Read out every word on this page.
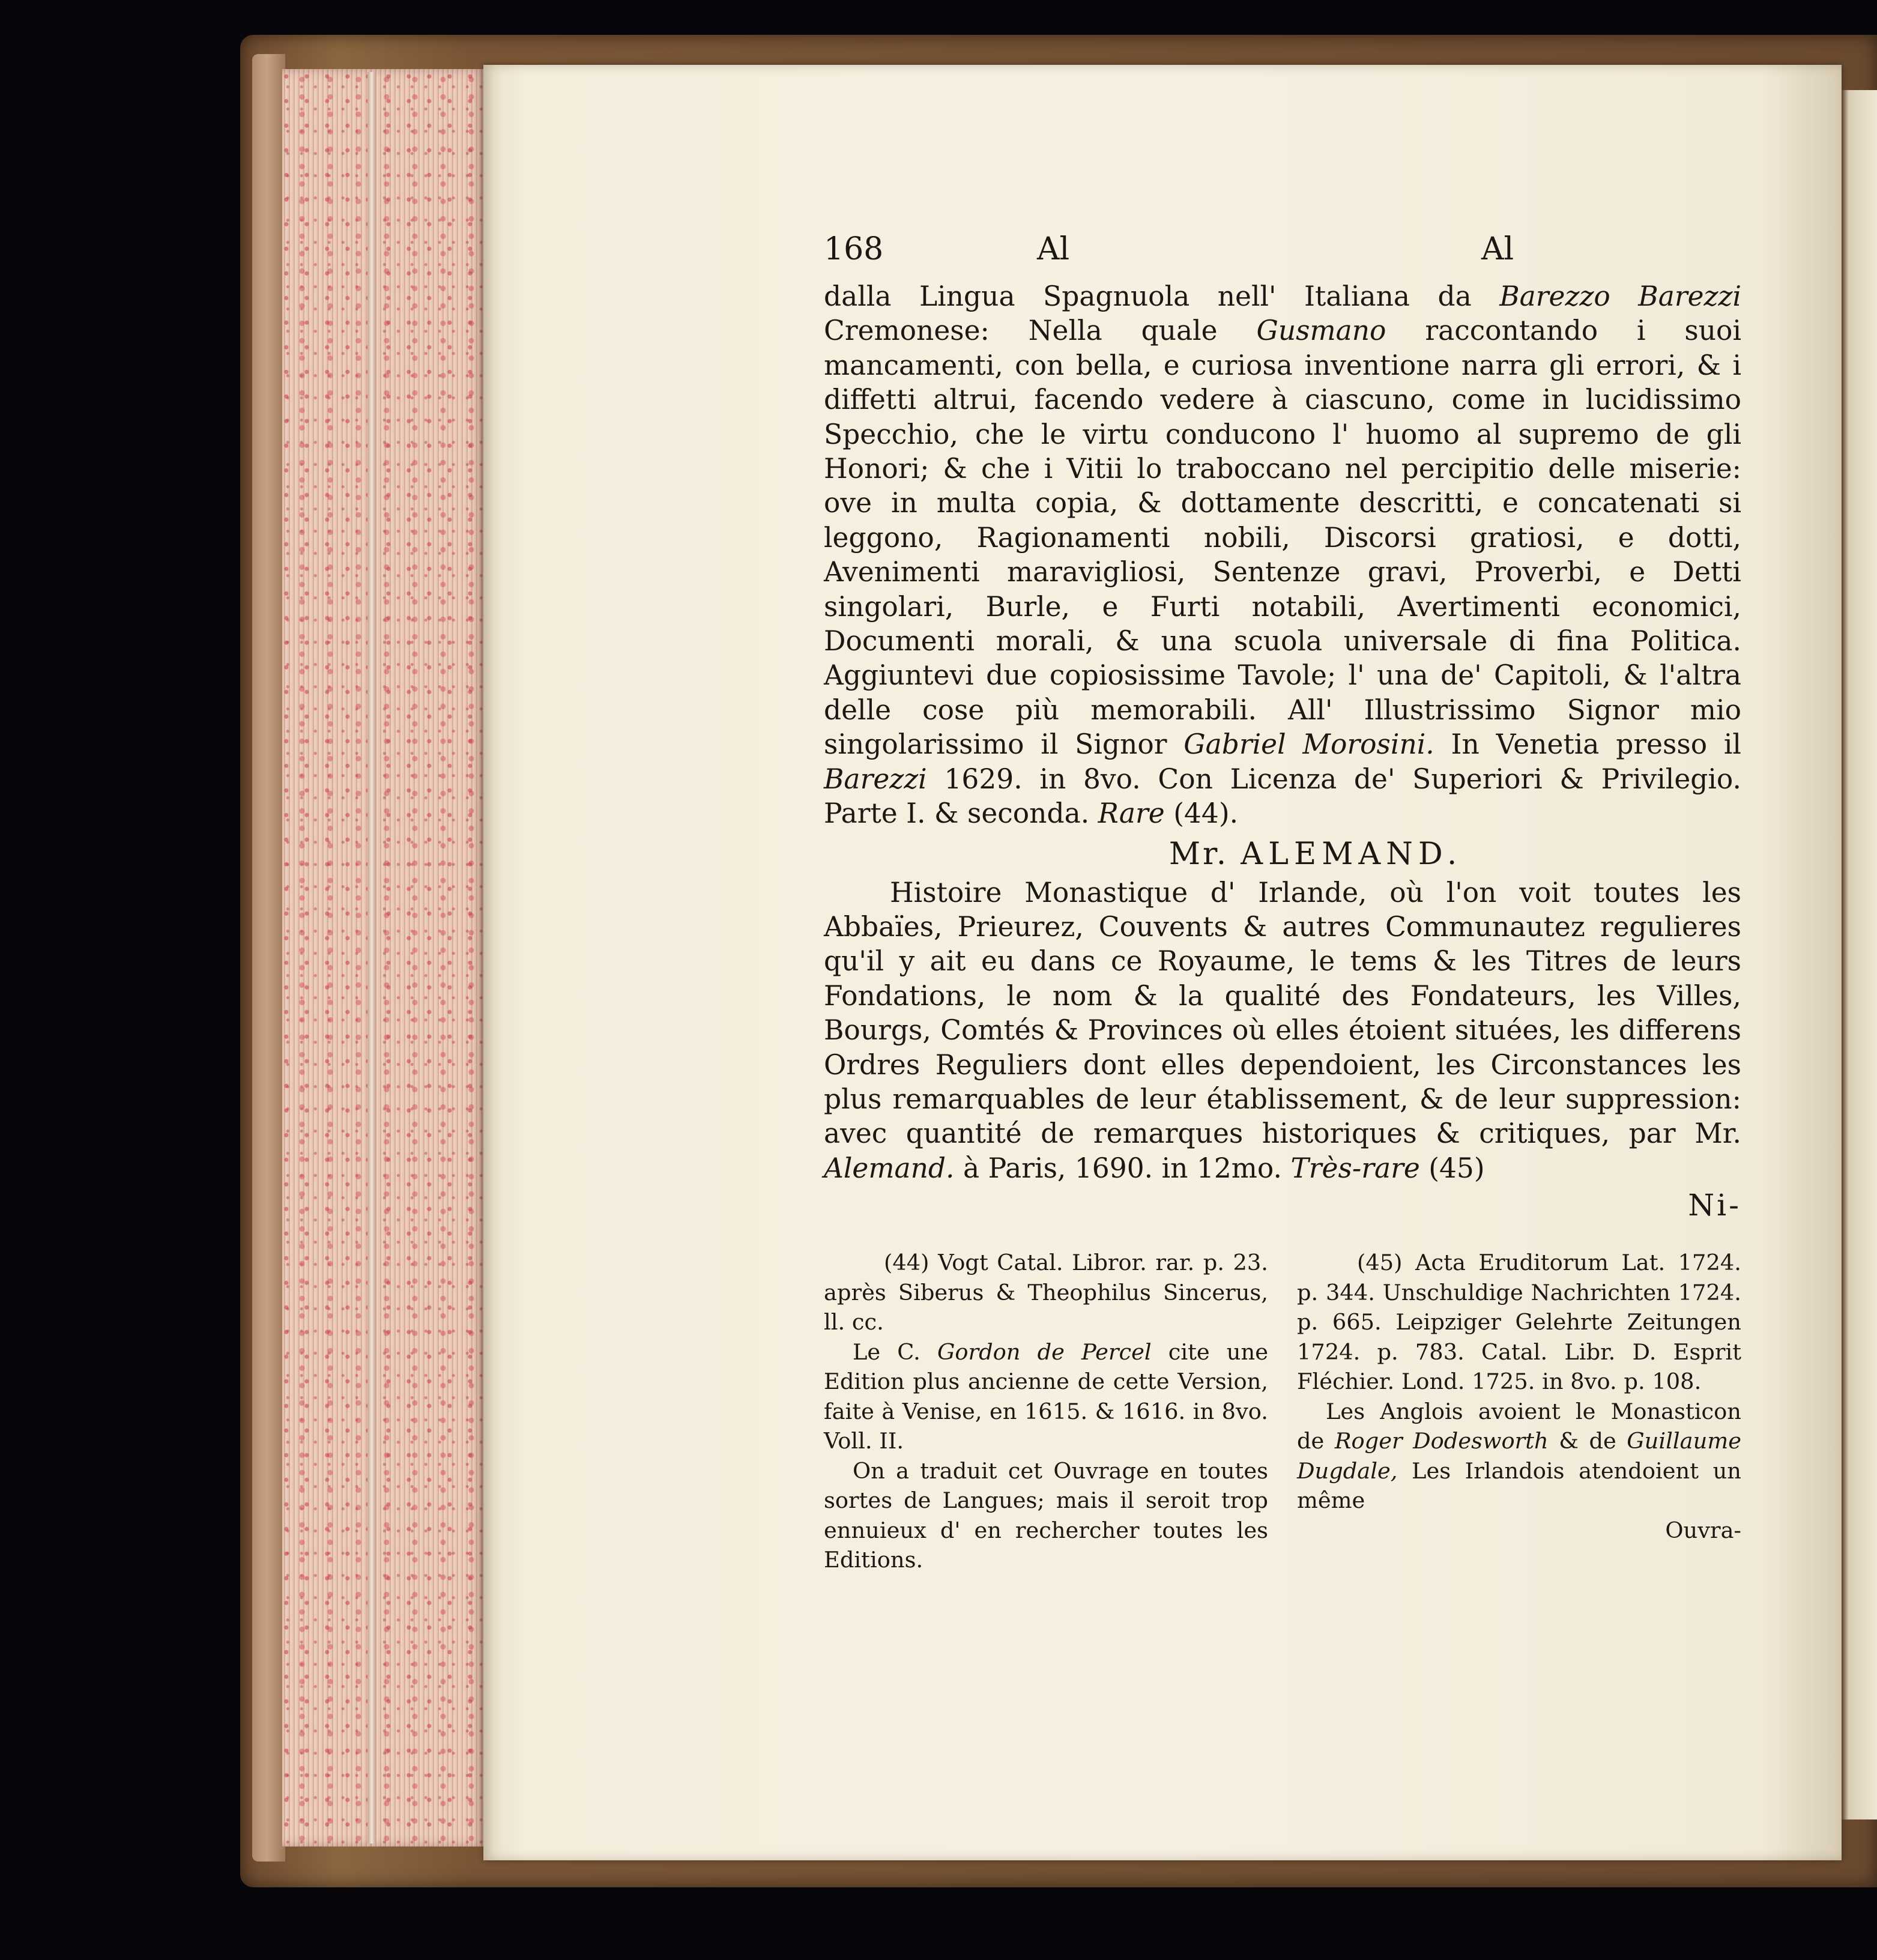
168	Al	Al

dalla Lingua Spagnuola nell' Italiana da Barezzo Barezzi Cremonese: Nella quale Gusmano raccontando i suoi mancamenti, con bella, e curiosa inventione narra gli errori, & i diffetti altrui, facendo vedere à ciascuno, come in lucidissimo Specchio, che le virtu conducono l' huomo al supremo de gli Honori; & che i Vitii lo traboccano nel percipitio delle miserie: ove in multa copia, & dottamente descritti, e concatenati si leggono, Ragionamenti nobili, Discorsi gratiosi, e dotti, Avenimenti maravigliosi, Sentenze gravi, Proverbi, e Detti singolari, Burle, e Furti notabili, Avertimenti economici, Documenti morali, & una scuola universale di fina Politica. Aggiuntevi due copiosissime Tavole; l' una de' Capitoli, & l'altra delle cose più memorabili. All' Illustrissimo Signor mio singolarissimo il Signor Gabriel Morosini. In Venetia presso il Barezzi 1629. in 8vo. Con Licenza de' Superiori & Privilegio. Parte I. & seconda. Rare (44).

Mr. ALEMAND.

Histoire Monastique d' Irlande, où l'on voit toutes les Abbaïes, Prieurez, Couvents & autres Communautez regulieres qu'il y ait eu dans ce Royaume, le tems & les Titres de leurs Fondations, le nom & la qualité des Fondateurs, les Villes, Bourgs, Comtés & Provinces où elles étoient situées, les differens Ordres Reguliers dont elles dependoient, les Circonstances les plus remarquables de leur établissement, & de leur suppression: avec quantité de remarques historiques & critiques, par Mr. Alemand. à Paris, 1690. in 12mo. Très-rare (45)

Ni-

(44) Vogt Catal. Libror. rar. p. 23. après Siberus & Theophilus Sincerus, ll. cc.

Le C. Gordon de Percel cite une Edition plus ancienne de cette Version, faite à Venise, en 1615. & 1616. in 8vo. Voll. II.

On a traduit cet Ouvrage en toutes sortes de Langues; mais il seroit trop ennuieux d' en rechercher toutes les Editions.

(45) Acta Eruditorum Lat. 1724. p. 344. Unschuldige Nachrichten 1724. p. 665. Leipziger Gelehrte Zeitungen 1724. p. 783. Catal. Libr. D. Esprit Fléchier. Lond. 1725. in 8vo. p. 108.

Les Anglois avoient le Monasticon de Roger Dodesworth & de Guillaume Dugdale, Les Irlandois atendoient un même

Ouvra-
